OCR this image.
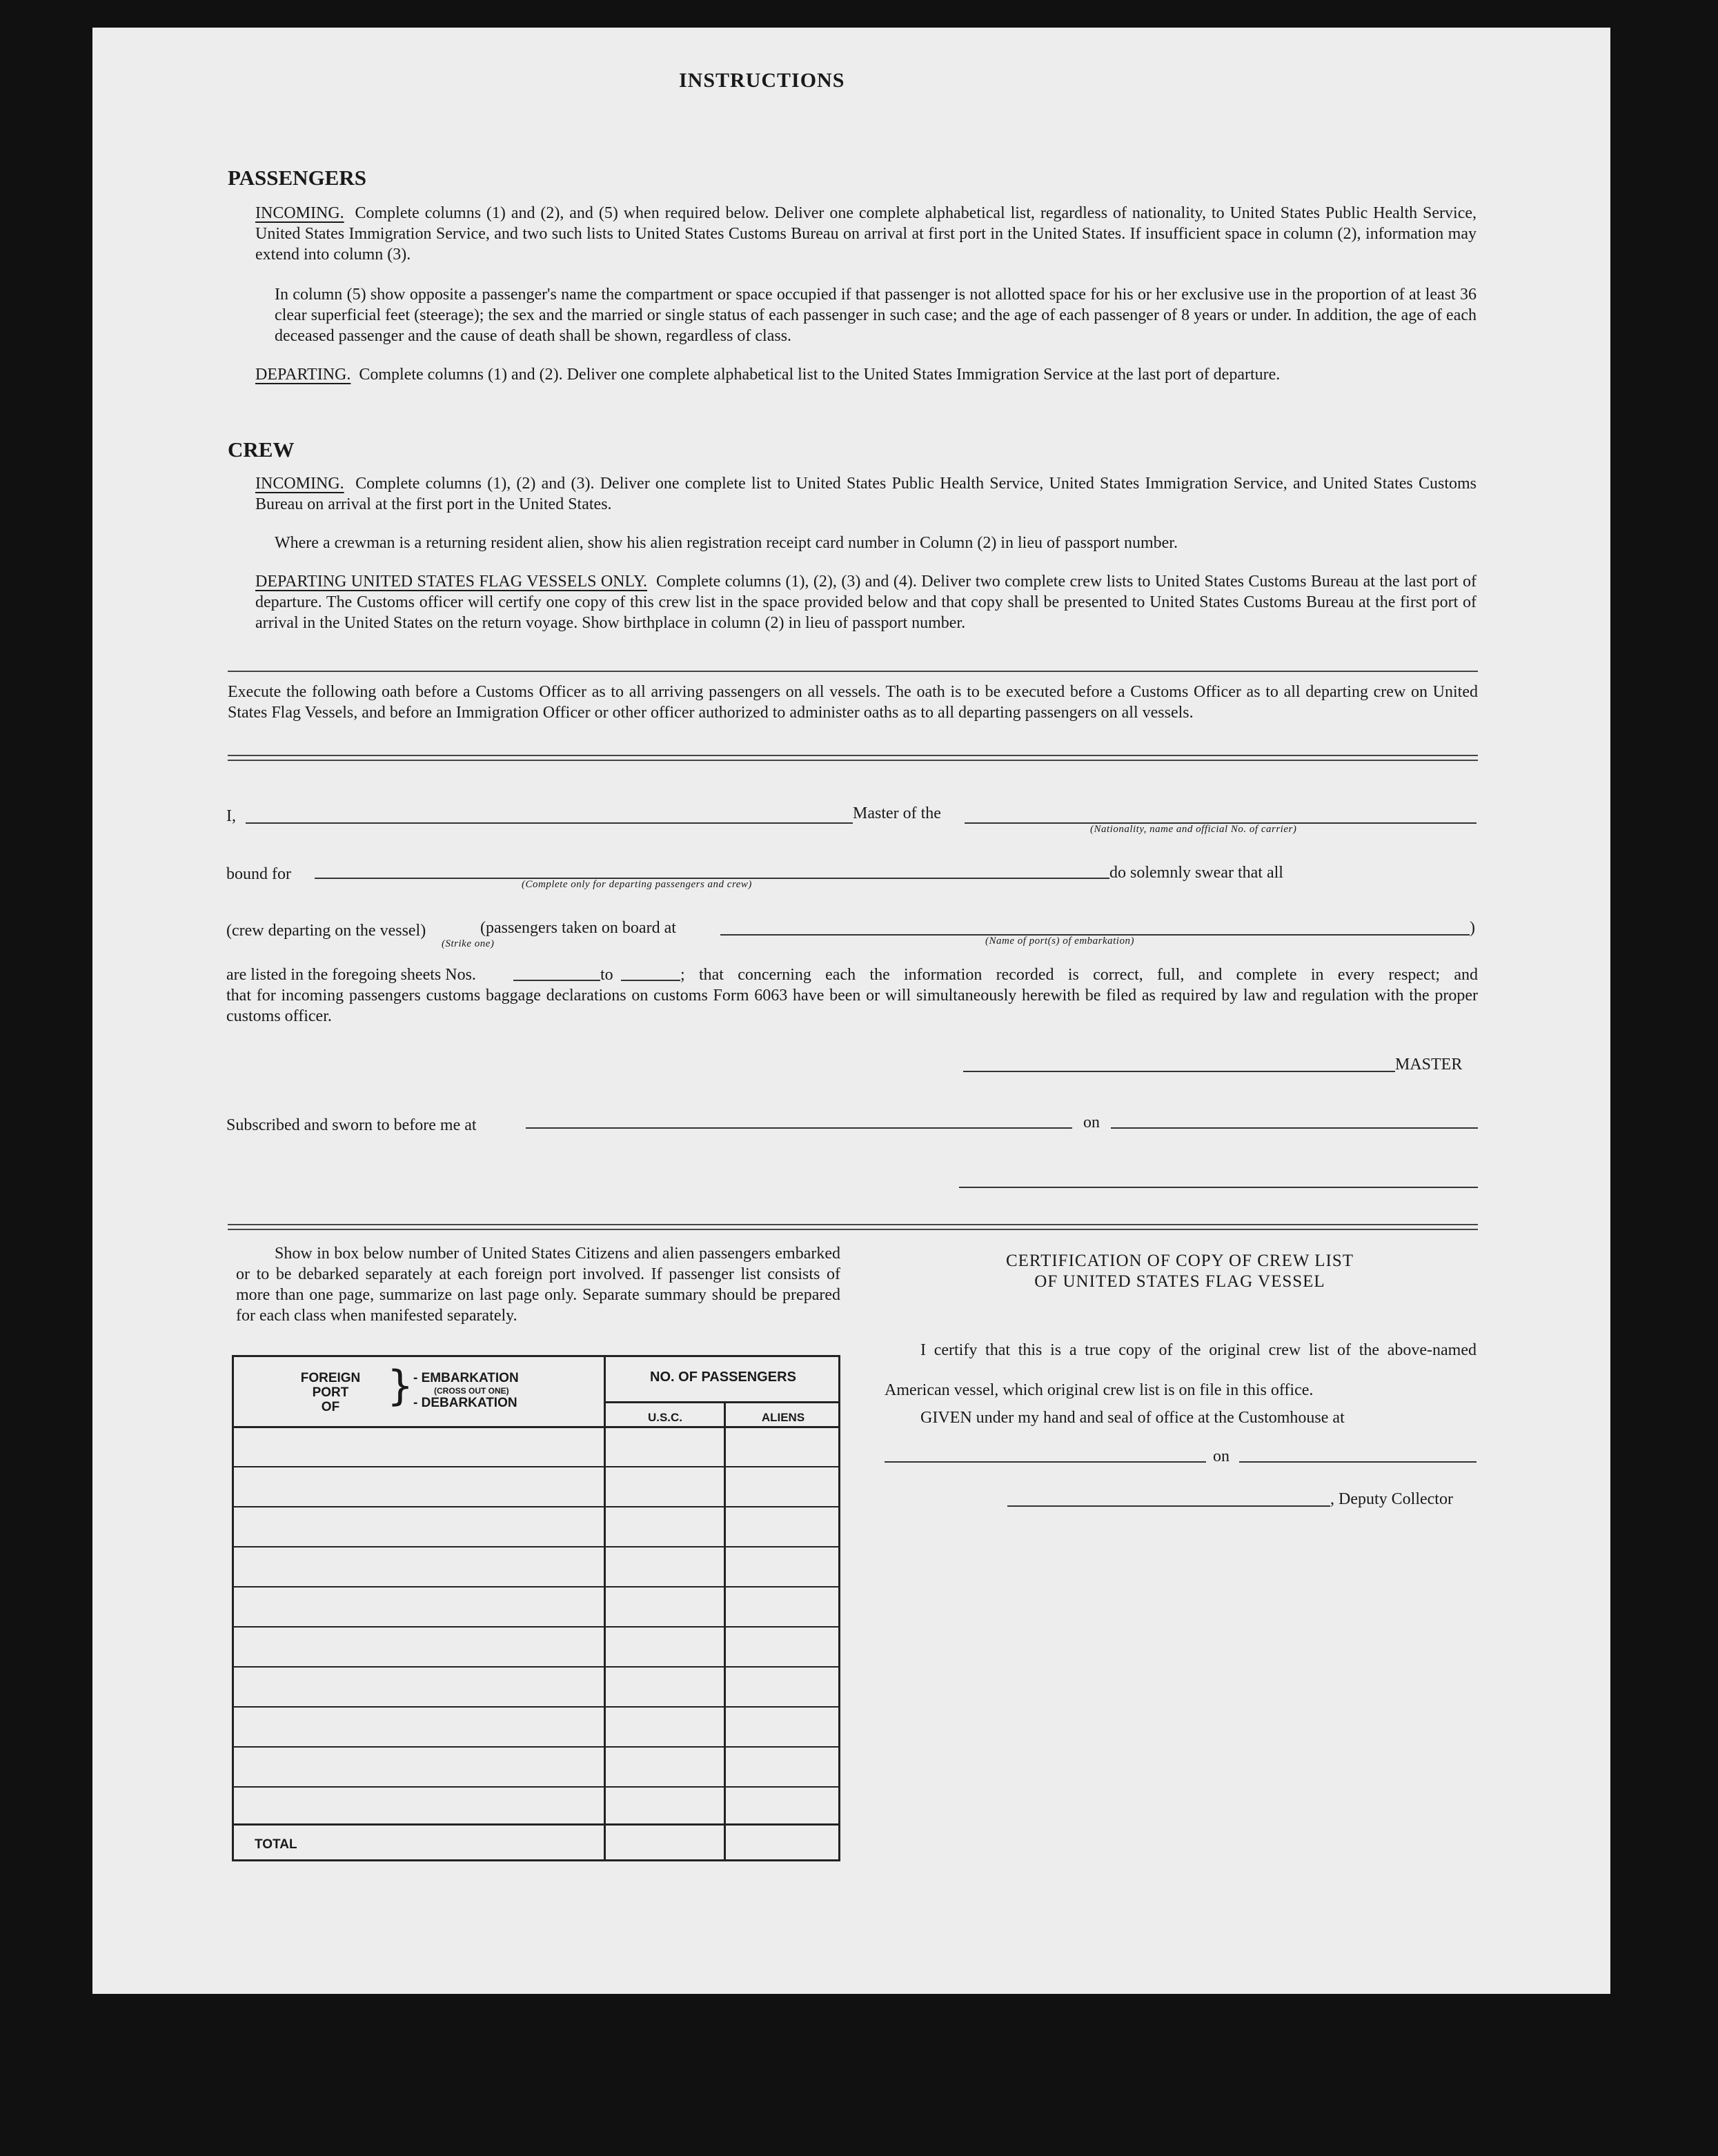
INSTRUCTIONS
PASSENGERS
INCOMING. Complete columns (1) and (2), and (5) when required below. Deliver one complete alphabetical list, regardless of nationality, to United States Public Health Service, United States Immigration Service, and two such lists to United States Customs Bureau on arrival at first port in the United States. If insufficient space in column (2), information may extend into column (3).
In column (5) show opposite a passenger's name the compartment or space occupied if that passenger is not allotted space for his or her exclusive use in the proportion of at least 36 clear superficial feet (steerage); the sex and the married or single status of each passenger in such case; and the age of each passenger of 8 years or under. In addition, the age of each deceased passenger and the cause of death shall be shown, regardless of class.
DEPARTING. Complete columns (1) and (2). Deliver one complete alphabetical list to the United States Immigration Service at the last port of departure.
CREW
INCOMING. Complete columns (1), (2) and (3). Deliver one complete list to United States Public Health Service, United States Immigration Service, and United States Customs Bureau on arrival at the first port in the United States.
Where a crewman is a returning resident alien, show his alien registration receipt card number in Column (2) in lieu of passport number.
DEPARTING UNITED STATES FLAG VESSELS ONLY. Complete columns (1), (2), (3) and (4). Deliver two complete crew lists to United States Customs Bureau at the last port of departure. The Customs officer will certify one copy of this crew list in the space provided below and that copy shall be presented to United States Customs Bureau at the first port of arrival in the United States on the return voyage. Show birthplace in column (2) in lieu of passport number.
Execute the following oath before a Customs Officer as to all arriving passengers on all vessels. The oath is to be executed before a Customs Officer as to all departing crew on United States Flag Vessels, and before an Immigration Officer or other officer authorized to administer oaths as to all departing passengers on all vessels.
I,	Master of the
(Nationality, name and official No. of carrier)
bound for
(Complete only for departing passengers and crew)
do solemnly swear that all
(crew departing on the vessel)	(passengers taken on board at
(Strike one)	(Name of port(s) of embarkation)
)
are listed in the foregoing sheets Nos.	to	; that concerning each the information recorded is correct, full, and complete in every respect; and
that for incoming passengers customs baggage declarations on customs Form 6063 have been or will simultaneously herewith be filed as required by law and regulation with the proper customs officer.
MASTER
Subscribed and sworn to before me at	on
Show in box below number of United States Citizens and alien passengers embarked or to be debarked separately at each foreign port involved. If passenger list consists of more than one page, summarize on last page only. Separate summary should be prepared for each class when manifested separately.
FOREIGN
PORT
OF	} - EMBARKATION
(CROSS OUT ONE)
- DEBARKATION
NO. OF PASSENGERS
U.S.C.	ALIENS
TOTAL
CERTIFICATION OF COPY OF CREW LIST
OF UNITED STATES FLAG VESSEL
I certify that this is a true copy of the original crew list of the above-named American vessel, which original crew list is on file in this office.
GIVEN under my hand and seal of office at the Customhouse at
on
, Deputy Collector
